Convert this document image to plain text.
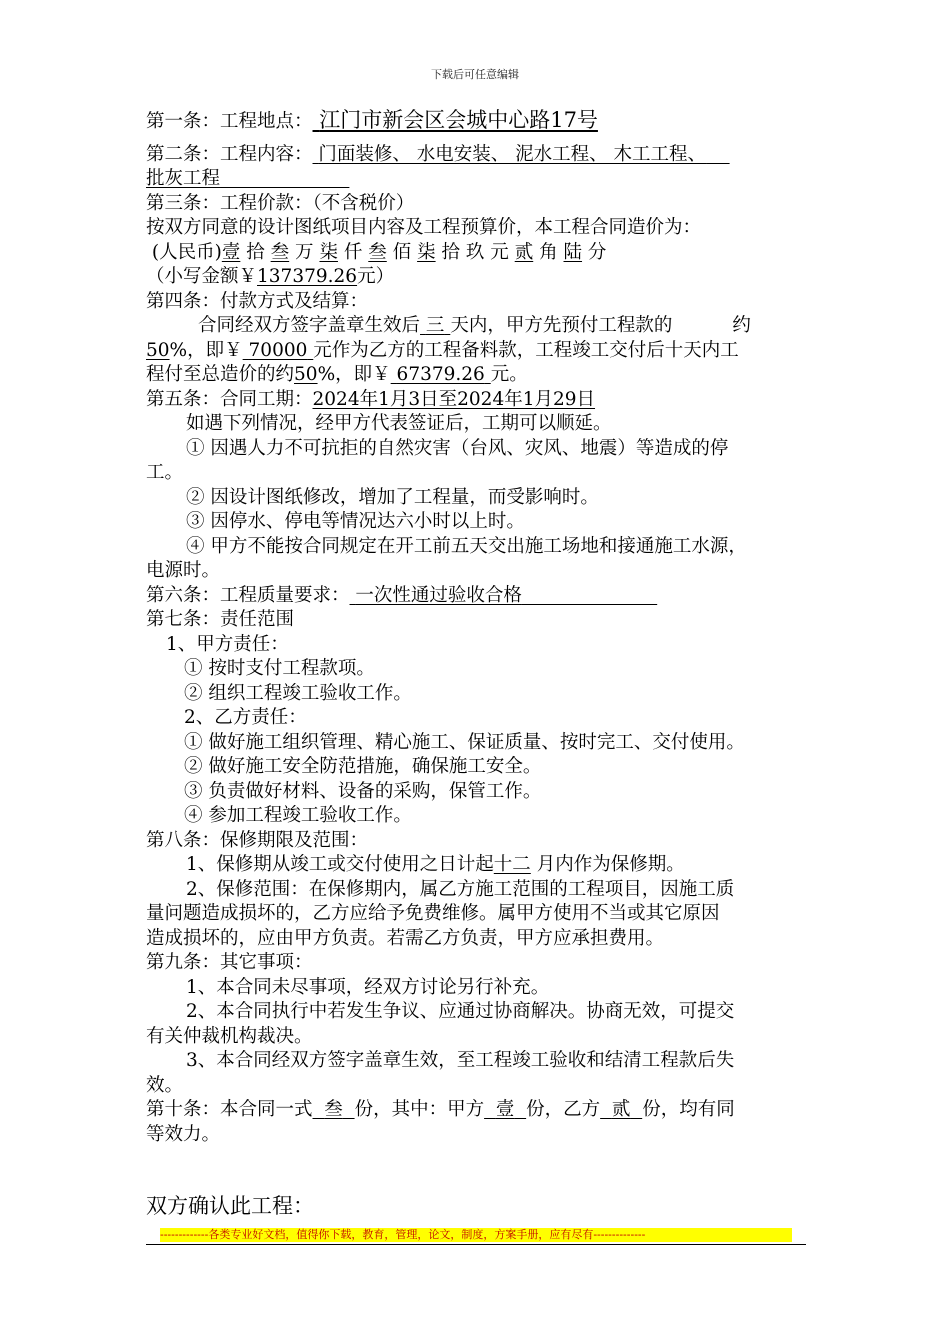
下载后可任意编辑

第一条：工程地点： 江门市新会区会城中心路17号

第二条：工程内容： 门面装修、 水电安装、 泥水工程、 木工工程、

批灰工程

第三条：工程价款：（不含税价）

按双方同意的设计图纸项目内容及工程预算价，本工程合同造价为：

(人民币)壹 拾 叁 万 柒 仟 叁 佰 柒 拾 玖 元 贰 角 陆 分

（小写金额￥137379.26元）

第四条：付款方式及结算：

合同经双方签字盖章生效后 三 天内，甲方先预付工程款的	约

50%，即￥ 70000 元作为乙方的工程备料款，工程竣工交付后十天内工

程付至总造价的约50%，即￥ 67379.26 元。

第五条：合同工期：2024年1月3日至2024年1月29日

如遇下列情况，经甲方代表签证后，工期可以顺延。

① 因遇人力不可抗拒的自然灾害（台风、灾风、地震）等造成的停

工。

② 因设计图纸修改，增加了工程量，而受影响时。

③ 因停水、停电等情况达六小时以上时。

④ 甲方不能按合同规定在开工前五天交出施工场地和接通施工水源，

电源时。

第六条：工程质量要求： 一次性通过验收合格

第七条：责任范围

1、甲方责任：

① 按时支付工程款项。

② 组织工程竣工验收工作。

2、乙方责任：

① 做好施工组织管理、精心施工、保证质量、按时完工、交付使用。

② 做好施工安全防范措施，确保施工安全。

③ 负责做好材料、设备的采购，保管工作。

④ 参加工程竣工验收工作。

第八条：保修期限及范围：

1、保修期从竣工或交付使用之日计起十二 月内作为保修期。

2、保修范围：在保修期内，属乙方施工范围的工程项目，因施工质

量问题造成损坏的，乙方应给予免费维修。属甲方使用不当或其它原因

造成损坏的，应由甲方负责。若需乙方负责，甲方应承担费用。

第九条：其它事项：

1、本合同未尽事项，经双方讨论另行补充。

2、本合同执行中若发生争议、应通过协商解决。协商无效，可提交

有关仲裁机构裁决。

3、本合同经双方签字盖章生效，至工程竣工验收和结清工程款后失

效。

第十条：本合同一式 叁 份，其中：甲方 壹 份，乙方 贰 份，均有同

等效力。

双方确认此工程：
-------------各类专业好文档，值得你下载，教育，管理，论文，制度，方案手册，应有尽有--------------
